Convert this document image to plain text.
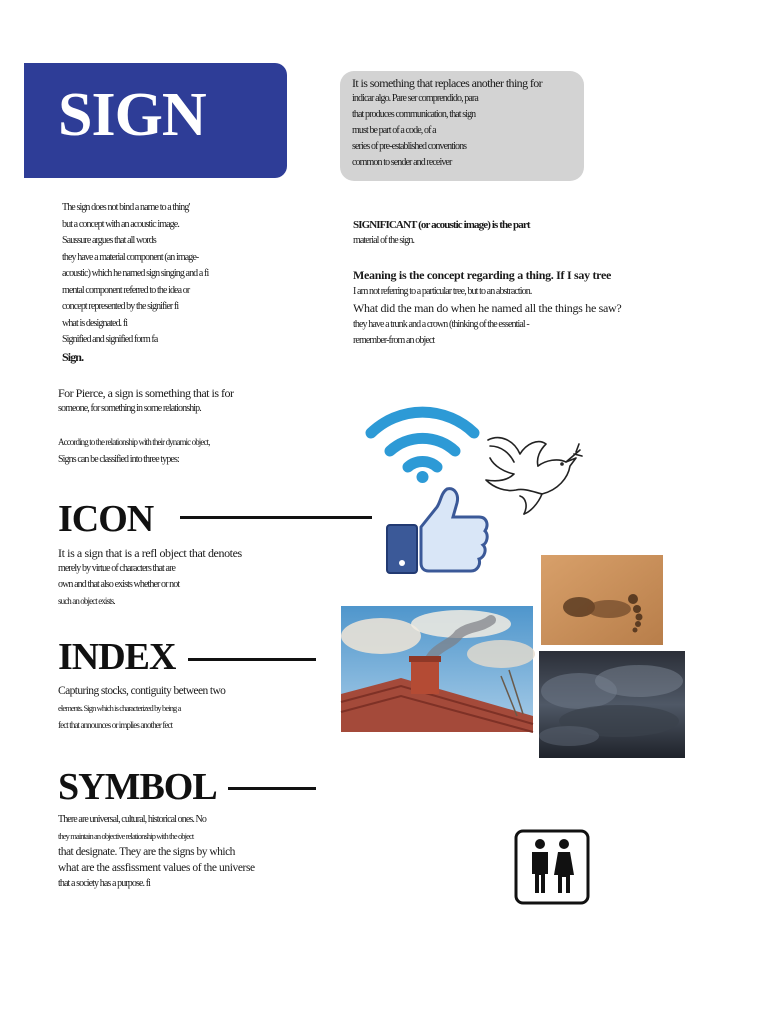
SIGN	It is something that replaces another thing for
indicar algo. Pare ser comprendido, para
that produces communication, that sign
must be part of a code, of a
series of pre-established conventions
common to sender and receiver
The sign does not bind a name to a thing'
but a concept with an acoustic image.
Saussure argues that all words
they have a material component (an image-
acoustic) which he named sign singing and a fi
mental component referred to the idea or
concept represented by the signifier fi
what is designated. fi
Signified and signified form fa
Sign.
SIGNIFICANT (or acoustic image) is the part
material of the sign.
Meaning is the concept regarding a thing. If I say tree
I am not referring to a particular tree, but to an abstraction.
What did the man do when he named all the things he saw?
they have a trunk and a crown (thinking of the essential -
remember-from an object
For Pierce, a sign is something that is for
someone, for something in some relationship.
According to the relationship with their dynamic object,
Signs can be classified into three types:
ICON
It is a sign that is a refl object that denotes
merely by virtue of characters that are
own and that also exists whether or not
such an object exists.
INDEX
Capturing stocks, contiguity between two
elements. Sign which is characterized by being a
fect that announces or implies another fect
SYMBOL
There are universal, cultural, historical ones. No
they maintain an objective relationship with the object
that designate. They are the signs by which
what are the assfissment values of the universe
that a society has a purpose. fi
